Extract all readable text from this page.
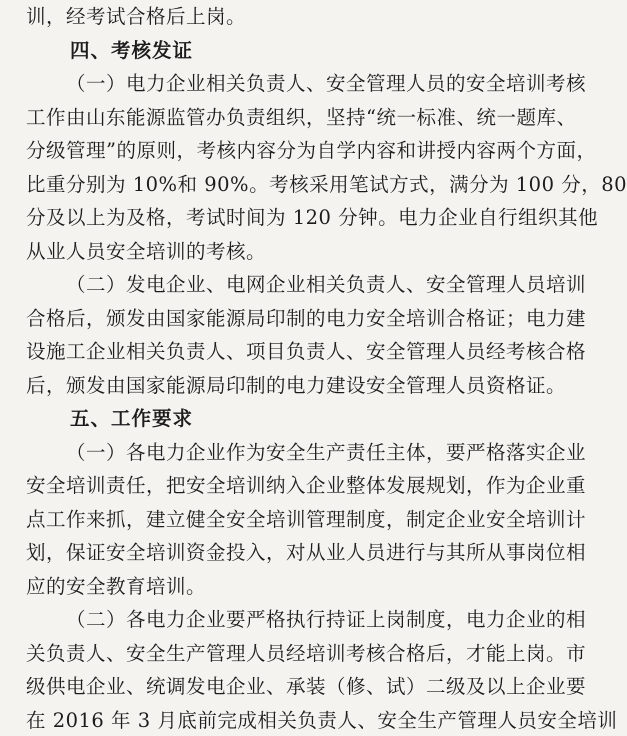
训，经考试合格后上岗。
四、考核发证
（一）电力企业相关负责人、安全管理人员的安全培训考核
工作由山东能源监管办负责组织，坚持“统一标准、统一题库、
分级管理”的原则，考核内容分为自学内容和讲授内容两个方面，
比重分别为 10%和 90%。考核采用笔试方式，满分为 100 分，80
分及以上为及格，考试时间为 120 分钟。电力企业自行组织其他
从业人员安全培训的考核。
（二）发电企业、电网企业相关负责人、安全管理人员培训
合格后，颁发由国家能源局印制的电力安全培训合格证；电力建
设施工企业相关负责人、项目负责人、安全管理人员经考核合格
后，颁发由国家能源局印制的电力建设安全管理人员资格证。
五、工作要求
（一）各电力企业作为安全生产责任主体，要严格落实企业
安全培训责任，把安全培训纳入企业整体发展规划，作为企业重
点工作来抓，建立健全安全培训管理制度，制定企业安全培训计
划，保证安全培训资金投入，对从业人员进行与其所从事岗位相
应的安全教育培训。
（二）各电力企业要严格执行持证上岗制度，电力企业的相
关负责人、安全生产管理人员经培训考核合格后，才能上岗。市
级供电企业、统调发电企业、承装（修、试）二级及以上企业要
在 2016 年 3 月底前完成相关负责人、安全生产管理人员安全培训
